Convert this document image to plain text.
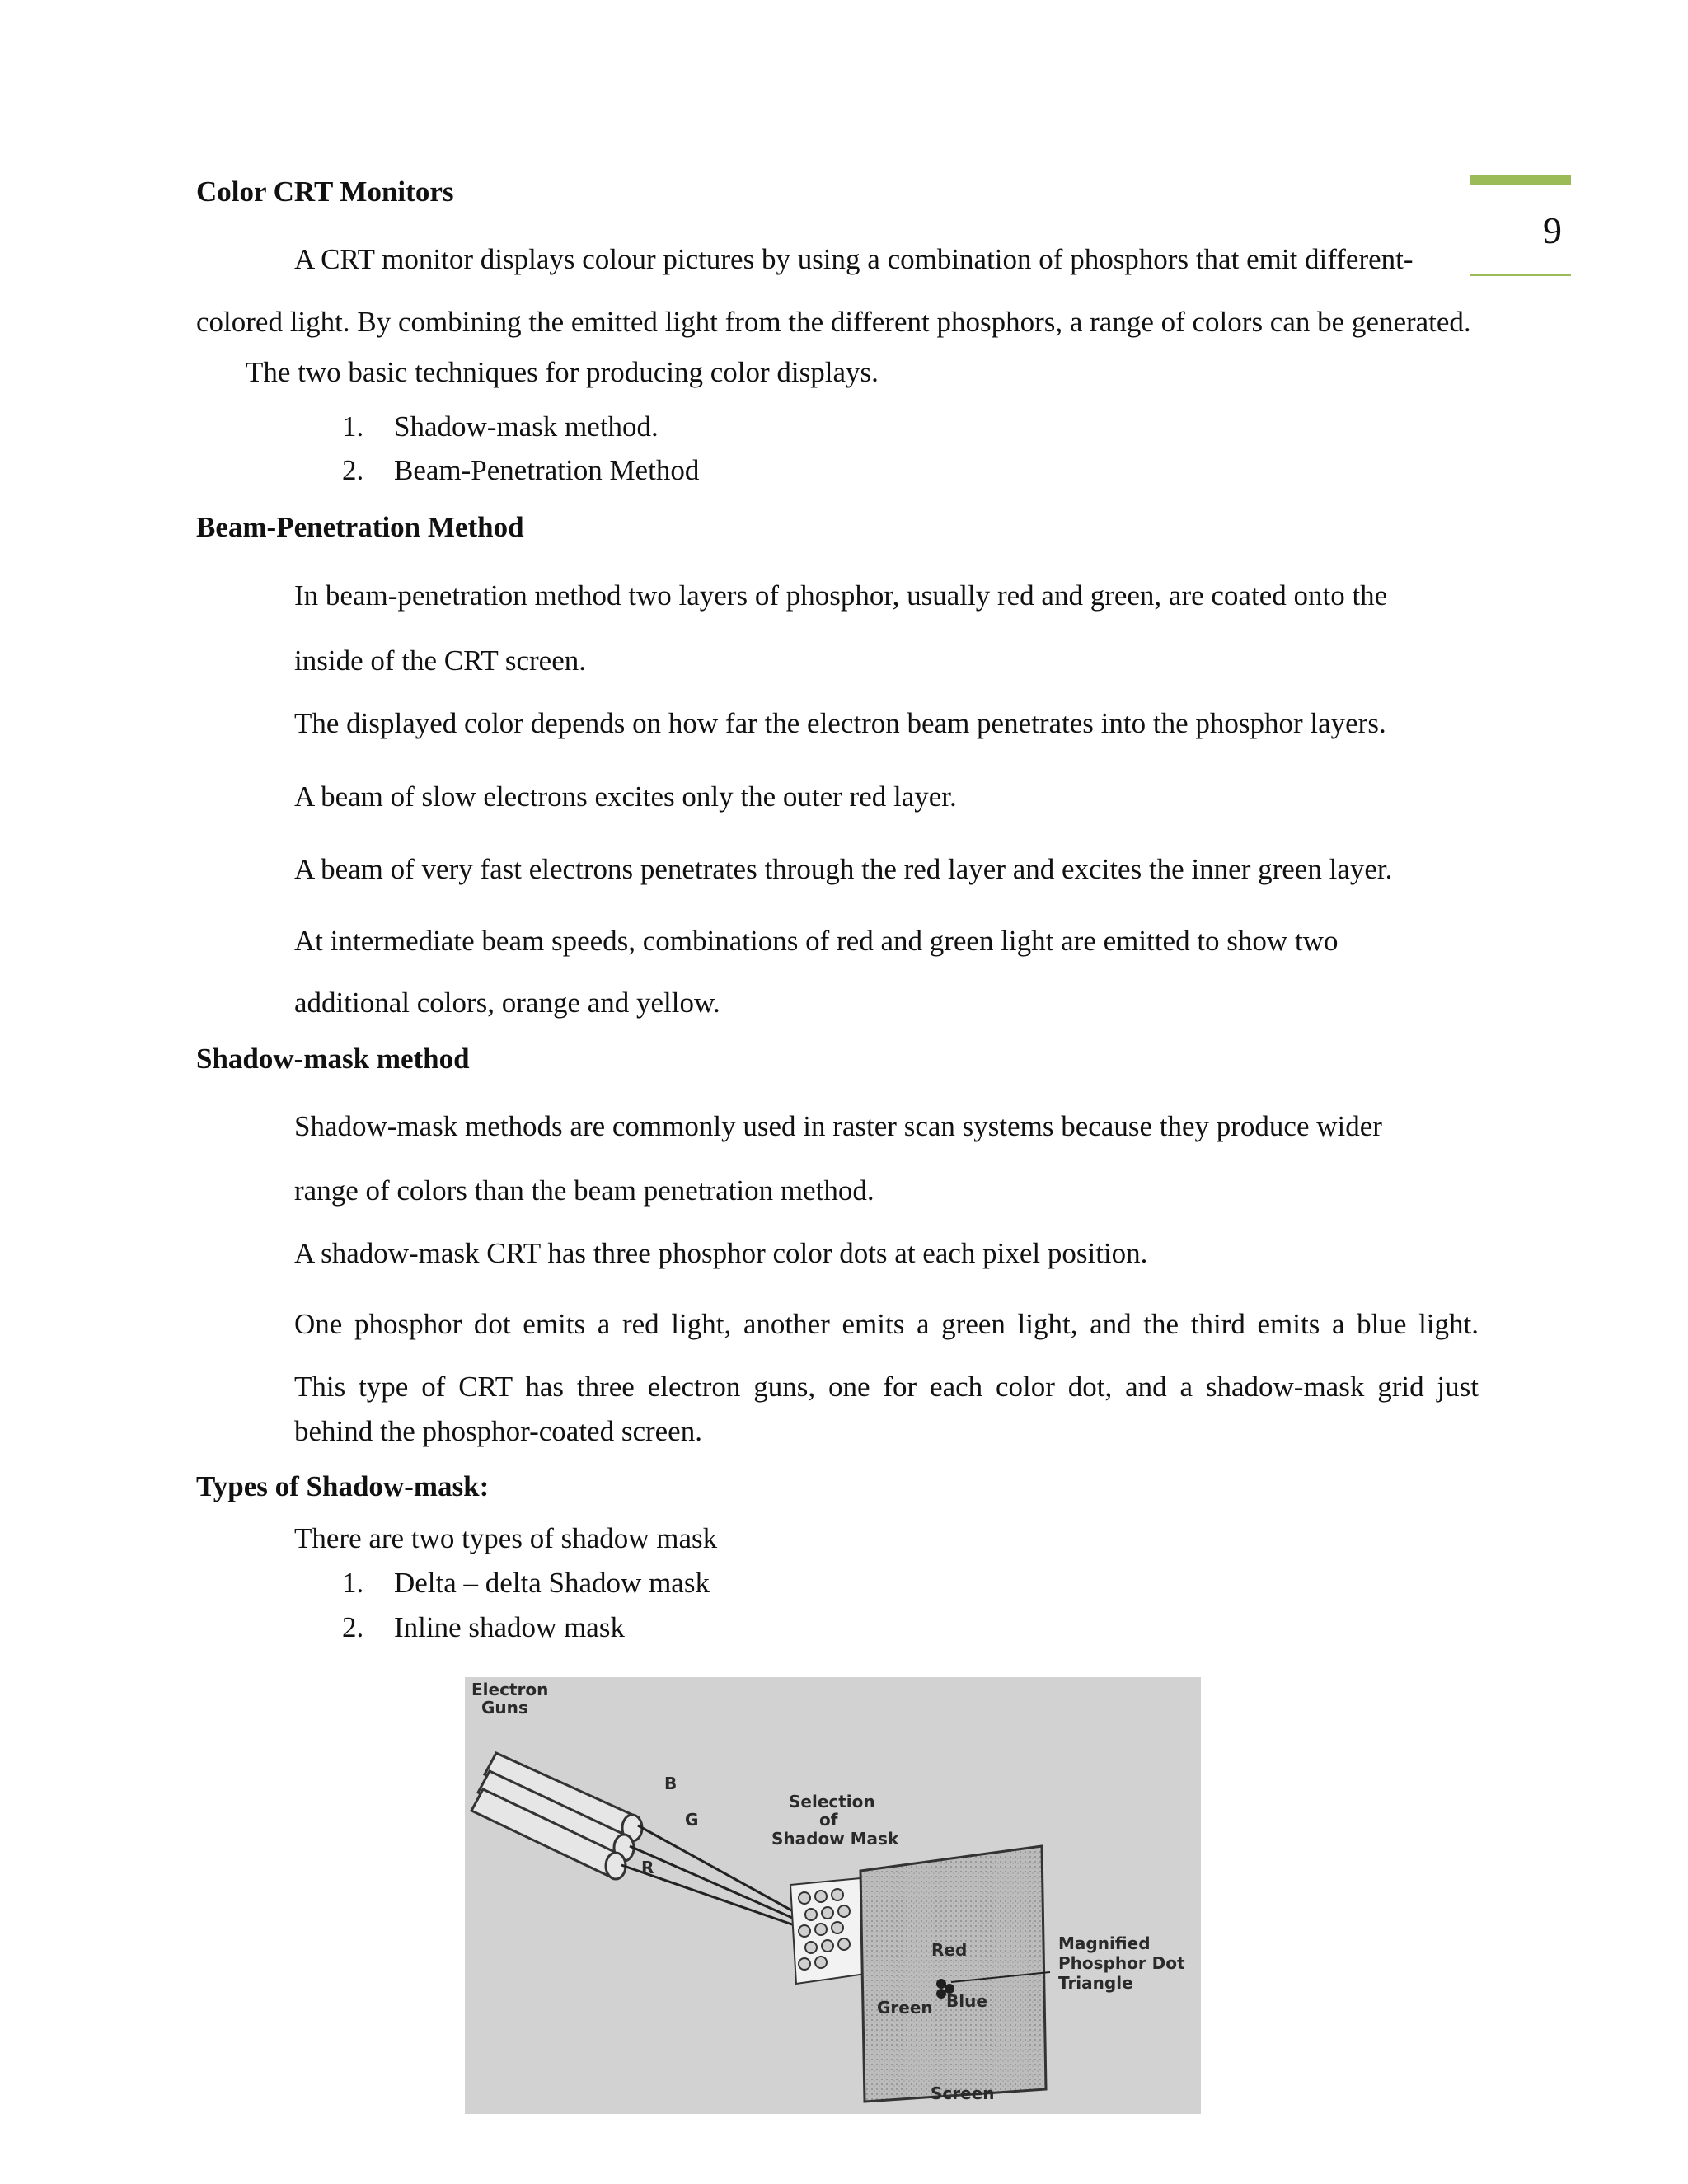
9
Color CRT Monitors
A CRT monitor displays colour pictures by using a combination of phosphors that emit different-
colored light. By combining the emitted light from the different phosphors, a range of colors can be generated.
The two basic techniques for producing color displays.
1. Shadow-mask method.
2. Beam-Penetration Method
Beam-Penetration Method
In beam-penetration method two layers of phosphor, usually red and green, are coated onto the
inside of the CRT screen.
The displayed color depends on how far the electron beam penetrates into the phosphor layers.
A beam of slow electrons excites only the outer red layer.
A beam of very fast electrons penetrates through the red layer and excites the inner green layer.
At intermediate beam speeds, combinations of red and green light are emitted to show two
additional colors, orange and yellow.
Shadow-mask method
Shadow-mask methods are commonly used in raster scan systems because they produce wider
range of colors than the beam penetration method.
A shadow-mask CRT has three phosphor color dots at each pixel position.
One phosphor dot emits a red light, another emits a green light, and the third emits a blue light.
This type of CRT has three electron guns, one for each color dot, and a shadow-mask grid just
behind the phosphor-coated screen.
Types of Shadow-mask:
There are two types of shadow mask
1. Delta – delta Shadow mask
2. Inline shadow mask
Electron
Guns
B
G
R
Selection
of
Shadow Mask
Red
Green Blue
Magnified
Phosphor Dot
Triangle
Screen
